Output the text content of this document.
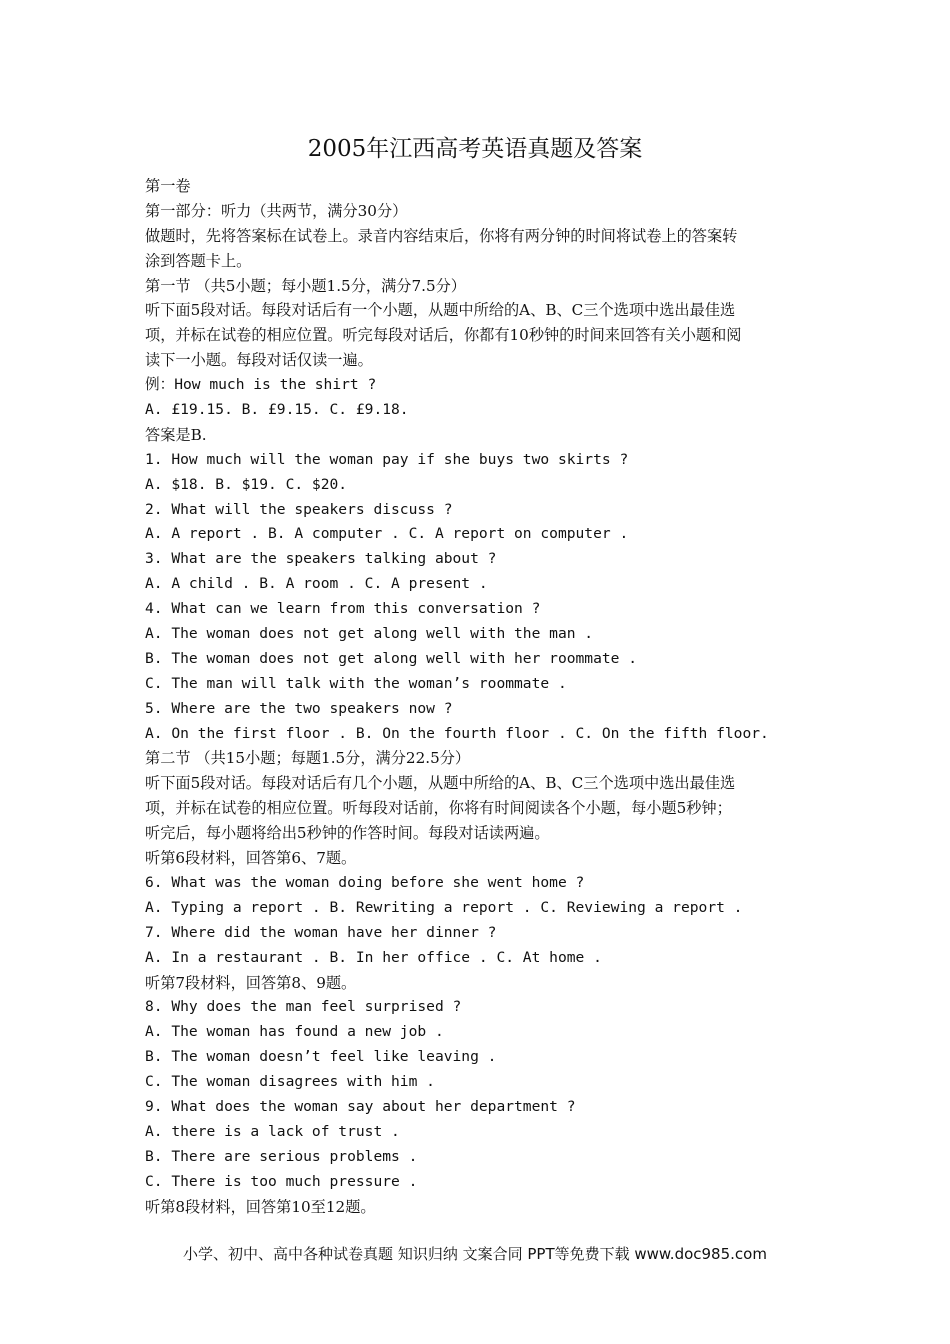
2005年江西高考英语真题及答案
第一卷
第一部分：听力（共两节，满分30分）
做题时，先将答案标在试卷上。录音内容结束后，你将有两分钟的时间将试卷上的答案转
涂到答题卡上。
第一节 （共5小题；每小题1.5分，满分7.5分）
听下面5段对话。每段对话后有一个小题，从题中所给的A、B、C三个选项中选出最佳选
项，并标在试卷的相应位置。听完每段对话后，你都有10秒钟的时间来回答有关小题和阅
读下一小题。每段对话仅读一遍。
例：How much is the shirt ?
A. £19.15. B. £9.15. C. £9.18.
答案是B.
1. How much will the woman pay if she buys two skirts ?
A. $18. B. $19. C. $20.
2. What will the speakers discuss ?
A. A report . B. A computer . C. A report on computer .
3. What are the speakers talking about ?
A. A child . B. A room . C. A present .
4. What can we learn from this conversation ?
A. The woman does not get along well with the man .
B. The woman does not get along well with her roommate .
C. The man will talk with the woman’s roommate .
5. Where are the two speakers now ?
A. On the first floor . B. On the fourth floor . C. On the fifth floor.
第二节 （共15小题；每题1.5分，满分22.5分）
听下面5段对话。每段对话后有几个小题，从题中所给的A、B、C三个选项中选出最佳选
项，并标在试卷的相应位置。听每段对话前，你将有时间阅读各个小题，每小题5秒钟；
听完后，每小题将给出5秒钟的作答时间。每段对话读两遍。
听第6段材料，回答第6、7题。
6. What was the woman doing before she went home ?
A. Typing a report . B. Rewriting a report . C. Reviewing a report .
7. Where did the woman have her dinner ?
A. In a restaurant . B. In her office . C. At home .
听第7段材料，回答第8、9题。
8. Why does the man feel surprised ?
A. The woman has found a new job .
B. The woman doesn’t feel like leaving .
C. The woman disagrees with him .
9. What does the woman say about her department ?
A. there is a lack of trust .
B. There are serious problems .
C. There is too much pressure .
听第8段材料，回答第10至12题。
小学、初中、高中各种试卷真题 知识归纳 文案合同 PPT等免费下载 www.doc985.com
